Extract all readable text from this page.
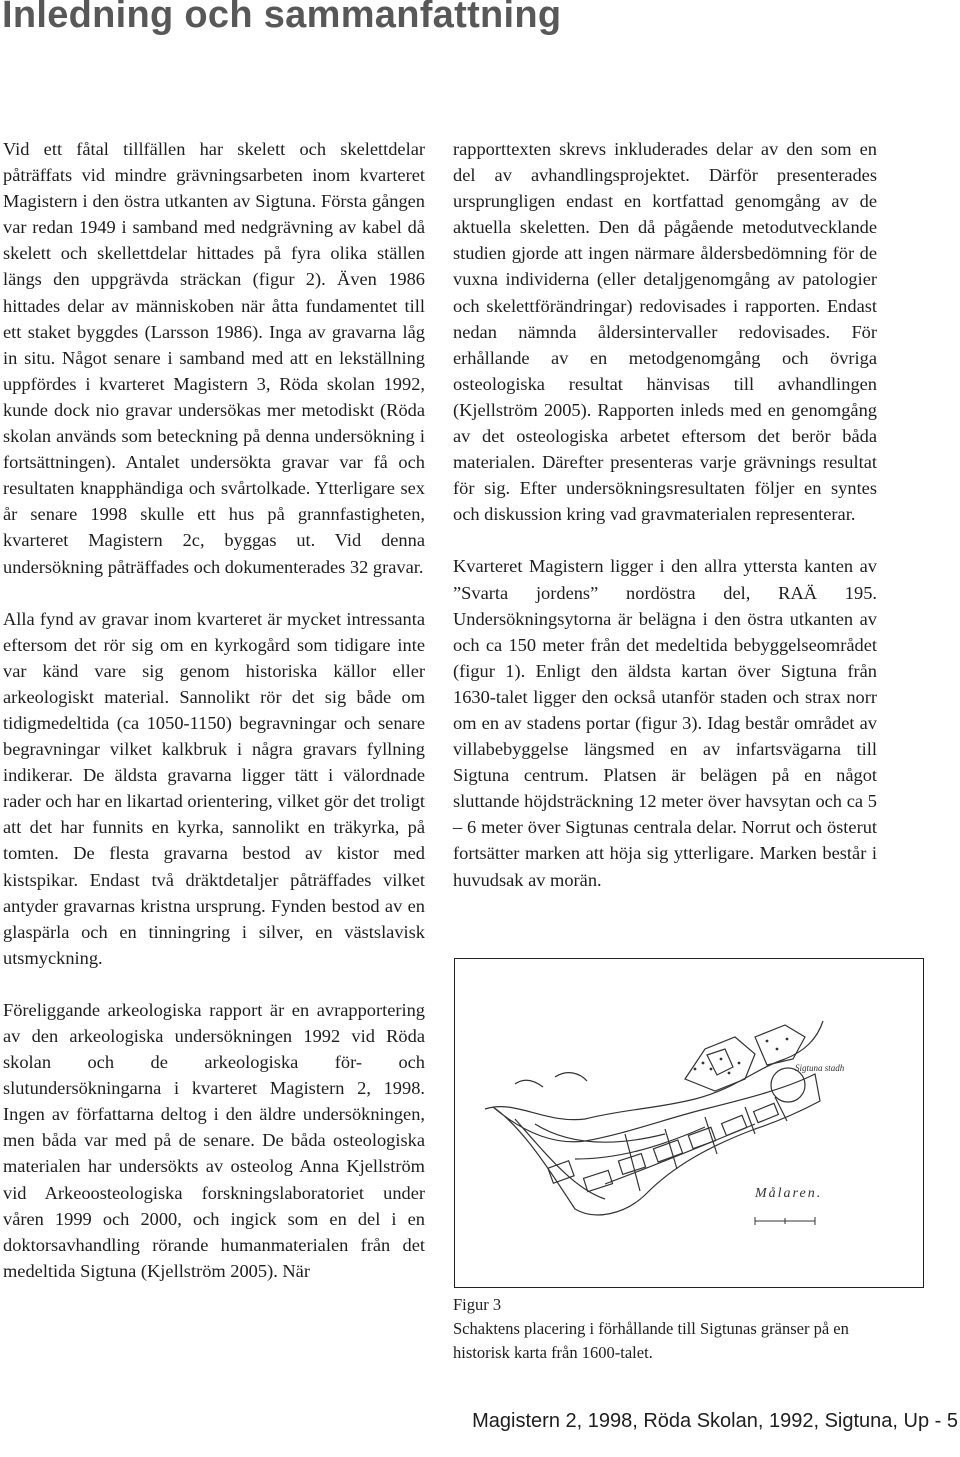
Inledning och sammanfattning

Vid ett fåtal tillfällen har skelett och skelettdelar påträffats vid mindre grävningsarbeten inom kvarteret Magistern i den östra utkanten av Sigtuna. Första gången var redan 1949 i samband med nedgrävning av kabel då skelett och skellettdelar hittades på fyra olika ställen längs den uppgrävda sträckan (figur 2). Även 1986 hittades delar av människoben när åtta fundamentet till ett staket byggdes (Larsson 1986). Inga av gravarna låg in situ. Något senare i samband med att en lekställning uppfördes i kvarteret Magistern 3, Röda skolan 1992, kunde dock nio gravar undersökas mer metodiskt (Röda skolan används som beteckning på denna undersökning i fortsättningen). Antalet undersökta gravar var få och resultaten knapphändiga och svårtolkade. Ytterligare sex år senare 1998 skulle ett hus på grannfastigheten, kvarteret Magistern 2c, byggas ut. Vid denna undersökning påträffades och dokumenterades 32 gravar.

Alla fynd av gravar inom kvarteret är mycket intressanta eftersom det rör sig om en kyrkogård som tidigare inte var känd vare sig genom historiska källor eller arkeologiskt material. Sannolikt rör det sig både om tidigmedeltida (ca 1050-1150) begravningar och senare begravningar vilket kalkbruk i några gravars fyllning indikerar. De äldsta gravarna ligger tätt i välordnade rader och har en likartad orientering, vilket gör det troligt att det har funnits en kyrka, sannolikt en träkyrka, på tomten. De flesta gravarna bestod av kistor med kistspikar. Endast två dräktdetaljer påträffades vilket antyder gravarnas kristna ursprung. Fynden bestod av en glaspärla och en tinningring i silver, en västslavisk utsmyckning.

Föreliggande arkeologiska rapport är en avrapportering av den arkeologiska undersökningen 1992 vid Röda skolan och de arkeologiska för- och slutundersökningarna i kvarteret Magistern 2, 1998. Ingen av författarna deltog i den äldre undersökningen, men båda var med på de senare. De båda osteologiska materialen har undersökts av osteolog Anna Kjellström vid Arkeoosteologiska forskningslaboratoriet under våren 1999 och 2000, och ingick som en del i en doktorsavhandling rörande humanmaterialen från det medeltida Sigtuna (Kjellström 2005). När

rapporttexten skrevs inkluderades delar av den som en del av avhandlingsprojektet. Därför presenterades ursprungligen endast en kortfattad genomgång av de aktuella skeletten. Den då pågående metodutvecklande studien gjorde att ingen närmare åldersbedömning för de vuxna individerna (eller detaljgenomgång av patologier och skelettförändringar) redovisades i rapporten. Endast nedan nämnda åldersintervaller redovisades. För erhållande av en metodgenomgång och övriga osteologiska resultat hänvisas till avhandlingen (Kjellström 2005). Rapporten inleds med en genomgång av det osteologiska arbetet eftersom det berör båda materialen. Därefter presenteras varje grävnings resultat för sig. Efter undersökningsresultaten följer en syntes och diskussion kring vad gravmaterialen representerar.

Kvarteret Magistern ligger i den allra yttersta kanten av ”Svarta jordens” nordöstra del, RAÄ 195. Undersökningsytorna är belägna i den östra utkanten av och ca 150 meter från det medeltida bebyggelseområdet (figur 1). Enligt den äldsta kartan över Sigtuna från 1630-talet ligger den också utanför staden och strax norr om en av stadens portar (figur 3). Idag består området av villabebyggelse längsmed en av infartsvägarna till Sigtuna centrum. Platsen är belägen på en något sluttande höjdsträckning 12 meter över havsytan och ca 5 – 6 meter över Sigtunas centrala delar. Norrut och österut fortsätter marken att höja sig ytterligare. Marken består i huvudsak av morän.

Sigtuna stadh
Målaren.
Figur 3
Schaktens placering i förhållande till Sigtunas gränser på en historisk karta från 1600-talet.
Magistern 2, 1998, Röda Skolan, 1992, Sigtuna, Up - 5
